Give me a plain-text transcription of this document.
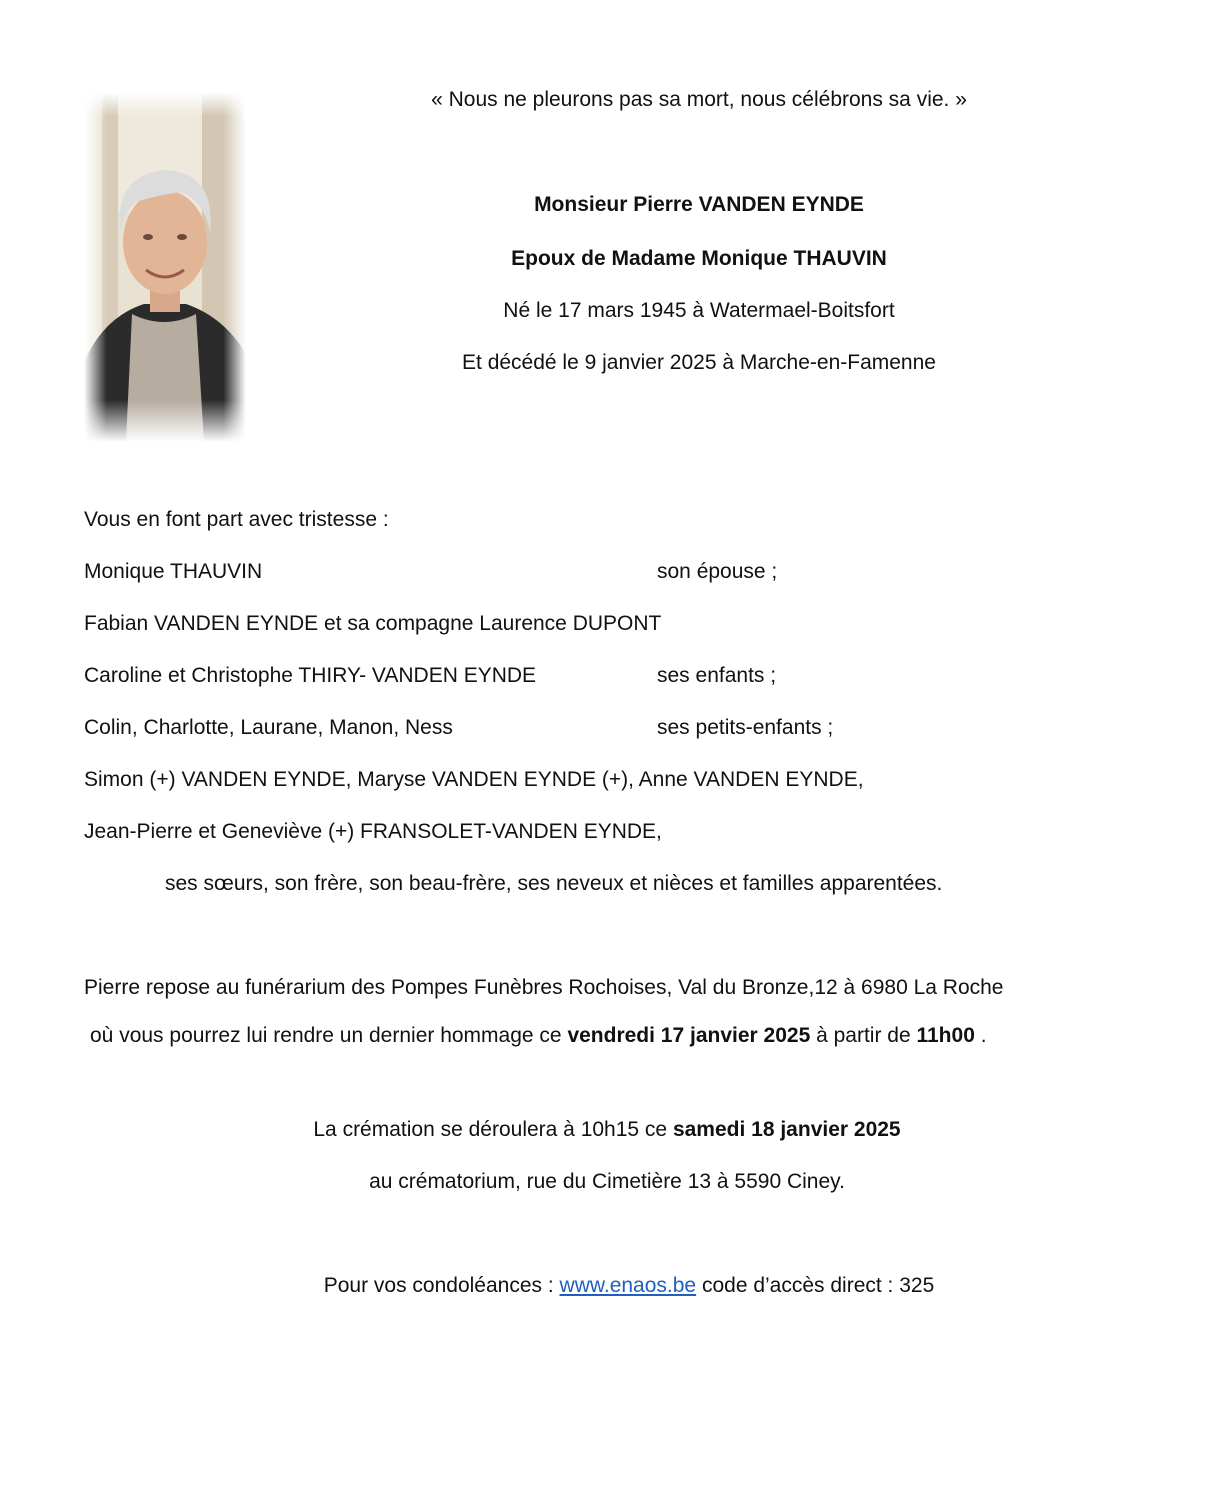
« Nous ne pleurons pas sa mort, nous célébrons sa vie. »
Monsieur Pierre VANDEN EYNDE
Epoux de Madame Monique THAUVIN
Né le 17 mars 1945 à Watermael-Boitsfort
Et décédé le 9 janvier 2025 à Marche-en-Famenne
Vous en font part avec tristesse :
Monique THAUVIN	son épouse ;
Fabian VANDEN EYNDE et sa compagne Laurence DUPONT
Caroline et Christophe THIRY- VANDEN EYNDE	ses enfants ;
Colin, Charlotte, Laurane, Manon, Ness	ses petits-enfants ;
Simon (+) VANDEN EYNDE, Maryse VANDEN EYNDE (+), Anne VANDEN EYNDE,
Jean-Pierre et Geneviève (+) FRANSOLET-VANDEN EYNDE,
ses sœurs, son frère, son beau-frère, ses neveux et nièces et familles apparentées.
Pierre repose au funérarium des Pompes Funèbres Rochoises, Val du Bronze,12 à 6980 La Roche
où vous pourrez lui rendre un dernier hommage ce vendredi 17 janvier 2025 à partir de 11h00 .
La crémation se déroulera à 10h15 ce samedi 18 janvier 2025
au crématorium, rue du Cimetière 13 à 5590 Ciney.
Pour vos condoléances : www.enaos.be code d’accès direct : 325
